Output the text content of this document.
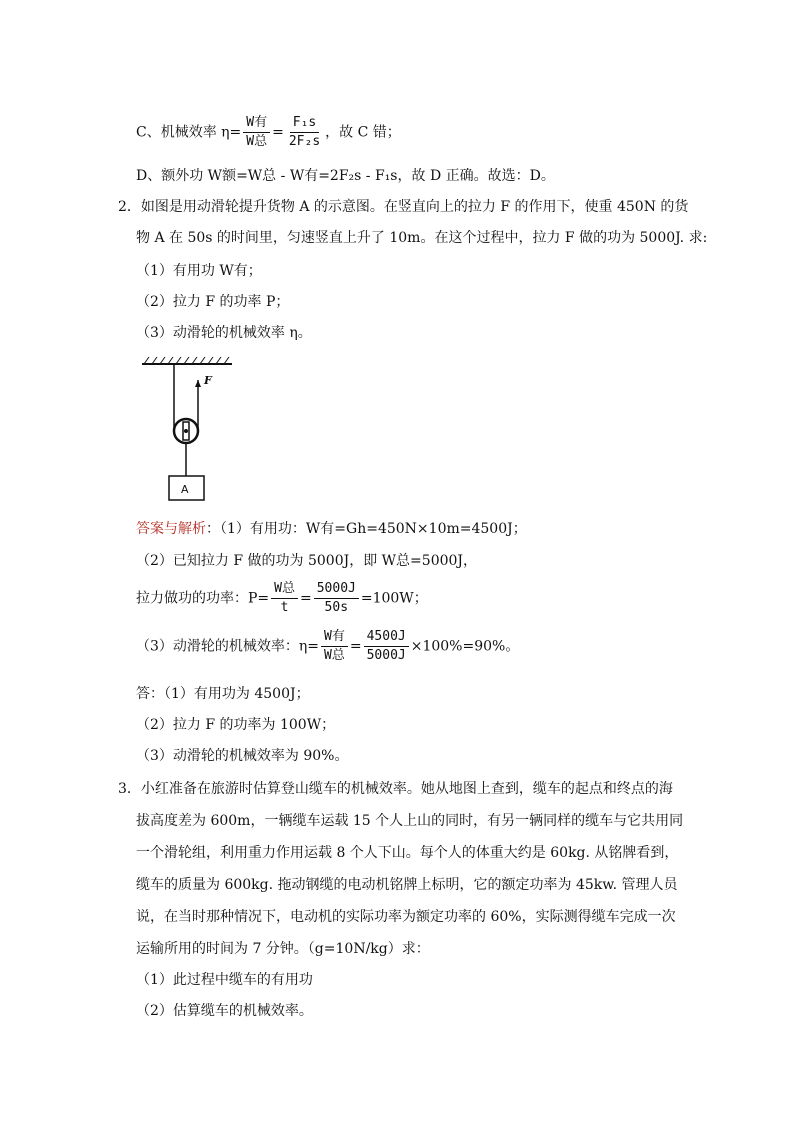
C、机械效率 $\eta= \frac{\text{W有}}{\text{W总}} = \frac{\text{F₁s}}{\text{2F₂s}}$ ，故 C 错；
D、额外功 W额=W总 - W有=2F₂s - F₁s，故 D 正确。故选：D。
2．如图是用动滑轮提升货物 A 的示意图。在竖直向上的拉力 F 的作用下，使重 450N 的货
物 A 在 50s 的时间里，匀速竖直上升了 10m。在这个过程中，拉力 F 做的功为 5000J. 求:
（1）有用功 W有；
（2）拉力 F 的功率 P；
（3）动滑轮的机械效率 η。
F
A
答案与解析：（1）有用功：W有=Gh=450N×10m=4500J；
（2）已知拉力 F 做的功为 5000J，即 W总=5000J，
拉力做功的功率：$P= \frac{\text{W总}}{t} = \frac{5000J}{50s} =100W$；
（3）动滑轮的机械效率：$\eta= \frac{\text{W有}}{\text{W总}} = \frac{4500J}{5000J} \times 100\%=90\%$。
答：（1）有用功为 4500J；
（2）拉力 F 的功率为 100W；
（3）动滑轮的机械效率为 90%。
3．小红准备在旅游时估算登山缆车的机械效率。她从地图上查到，缆车的起点和终点的海
拔高度差为 600m，一辆缆车运载 15 个人上山的同时，有另一辆同样的缆车与它共用同
一个滑轮组，利用重力作用运载 8 个人下山。每个人的体重大约是 60kg. 从铭牌看到，
缆车的质量为 600kg. 拖动钢缆的电动机铭牌上标明，它的额定功率为 45kw. 管理人员
说，在当时那种情况下，电动机的实际功率为额定功率的 60%，实际测得缆车完成一次
运输所用的时间为 7 分钟。（g=10N/kg）求：
（1）此过程中缆车的有用功
（2）估算缆车的机械效率。
